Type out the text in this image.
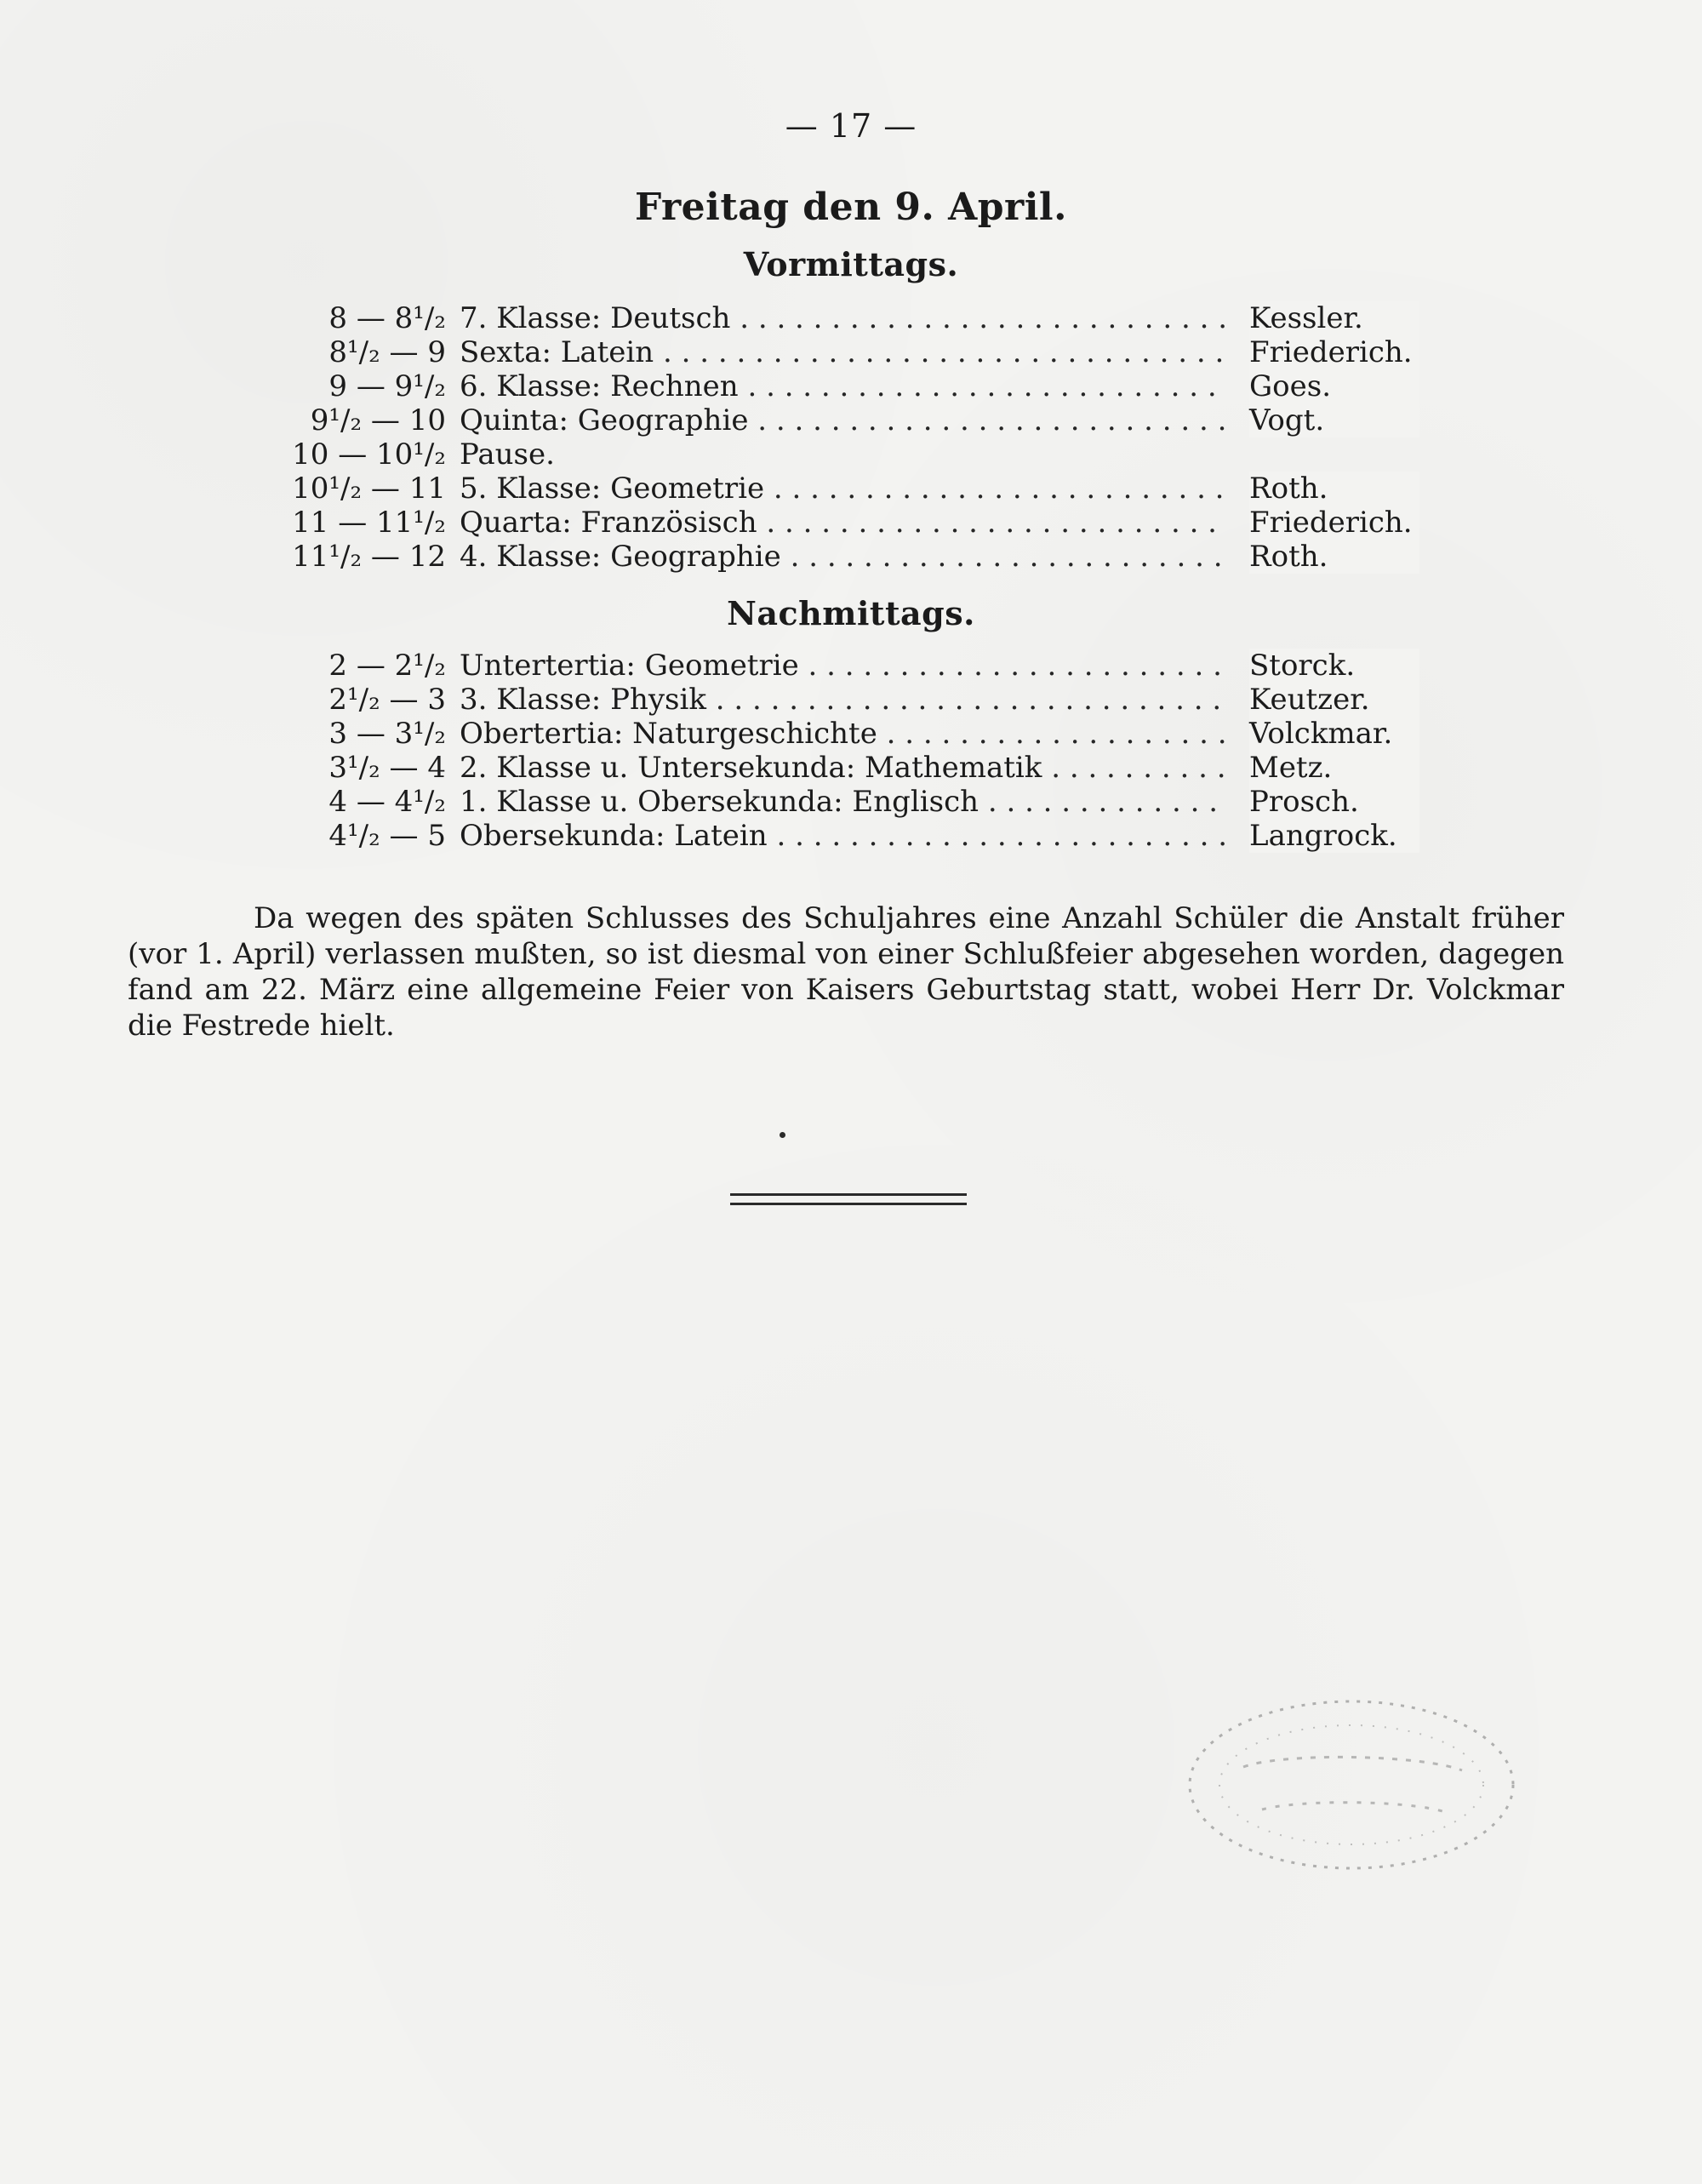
— 17 —
Freitag den 9. April.
Vormittags.
8 — 8¹/₂ 7. Klasse: Deutsch . . .	Kessler.
8¹/₂ — 9 Sexta: Latein . . .	Friederich.
9 — 9¹/₂ 6. Klasse: Rechnen . . .	Goes.
9¹/₂ — 10 Quinta: Geographie . . .	Vogt.
10 — 10¹/₂ Pause.
10¹/₂ — 11 5. Klasse: Geometrie . . .	Roth.
11 — 11¹/₂ Quarta: Französisch . . .	Friederich.
11¹/₂ — 12 4. Klasse: Geographie . . .	Roth.
Nachmittags.
2 — 2¹/₂ Untertertia: Geometrie . . .	Storck.
2¹/₂ — 3 3. Klasse: Physik . . .	Keutzer.
3 — 3¹/₂ Obertertia: Naturgeschichte . . .	Volckmar.
3¹/₂ — 4 2. Klasse u. Untersekunda: Mathematik . . .	Metz.
4 — 4¹/₂ 1. Klasse u. Obersekunda: Englisch . . .	Prosch.
4¹/₂ — 5 Obersekunda: Latein . . .	Langrock.
Da wegen des späten Schlusses des Schuljahres eine Anzahl Schüler die Anstalt früher (vor 1. April) verlassen mußten, so ist diesmal von einer Schlußfeier abgesehen worden, dagegen fand am 22. März eine allgemeine Feier von Kaisers Geburtstag statt, wobei Herr Dr. Volckmar die Festrede hielt.
